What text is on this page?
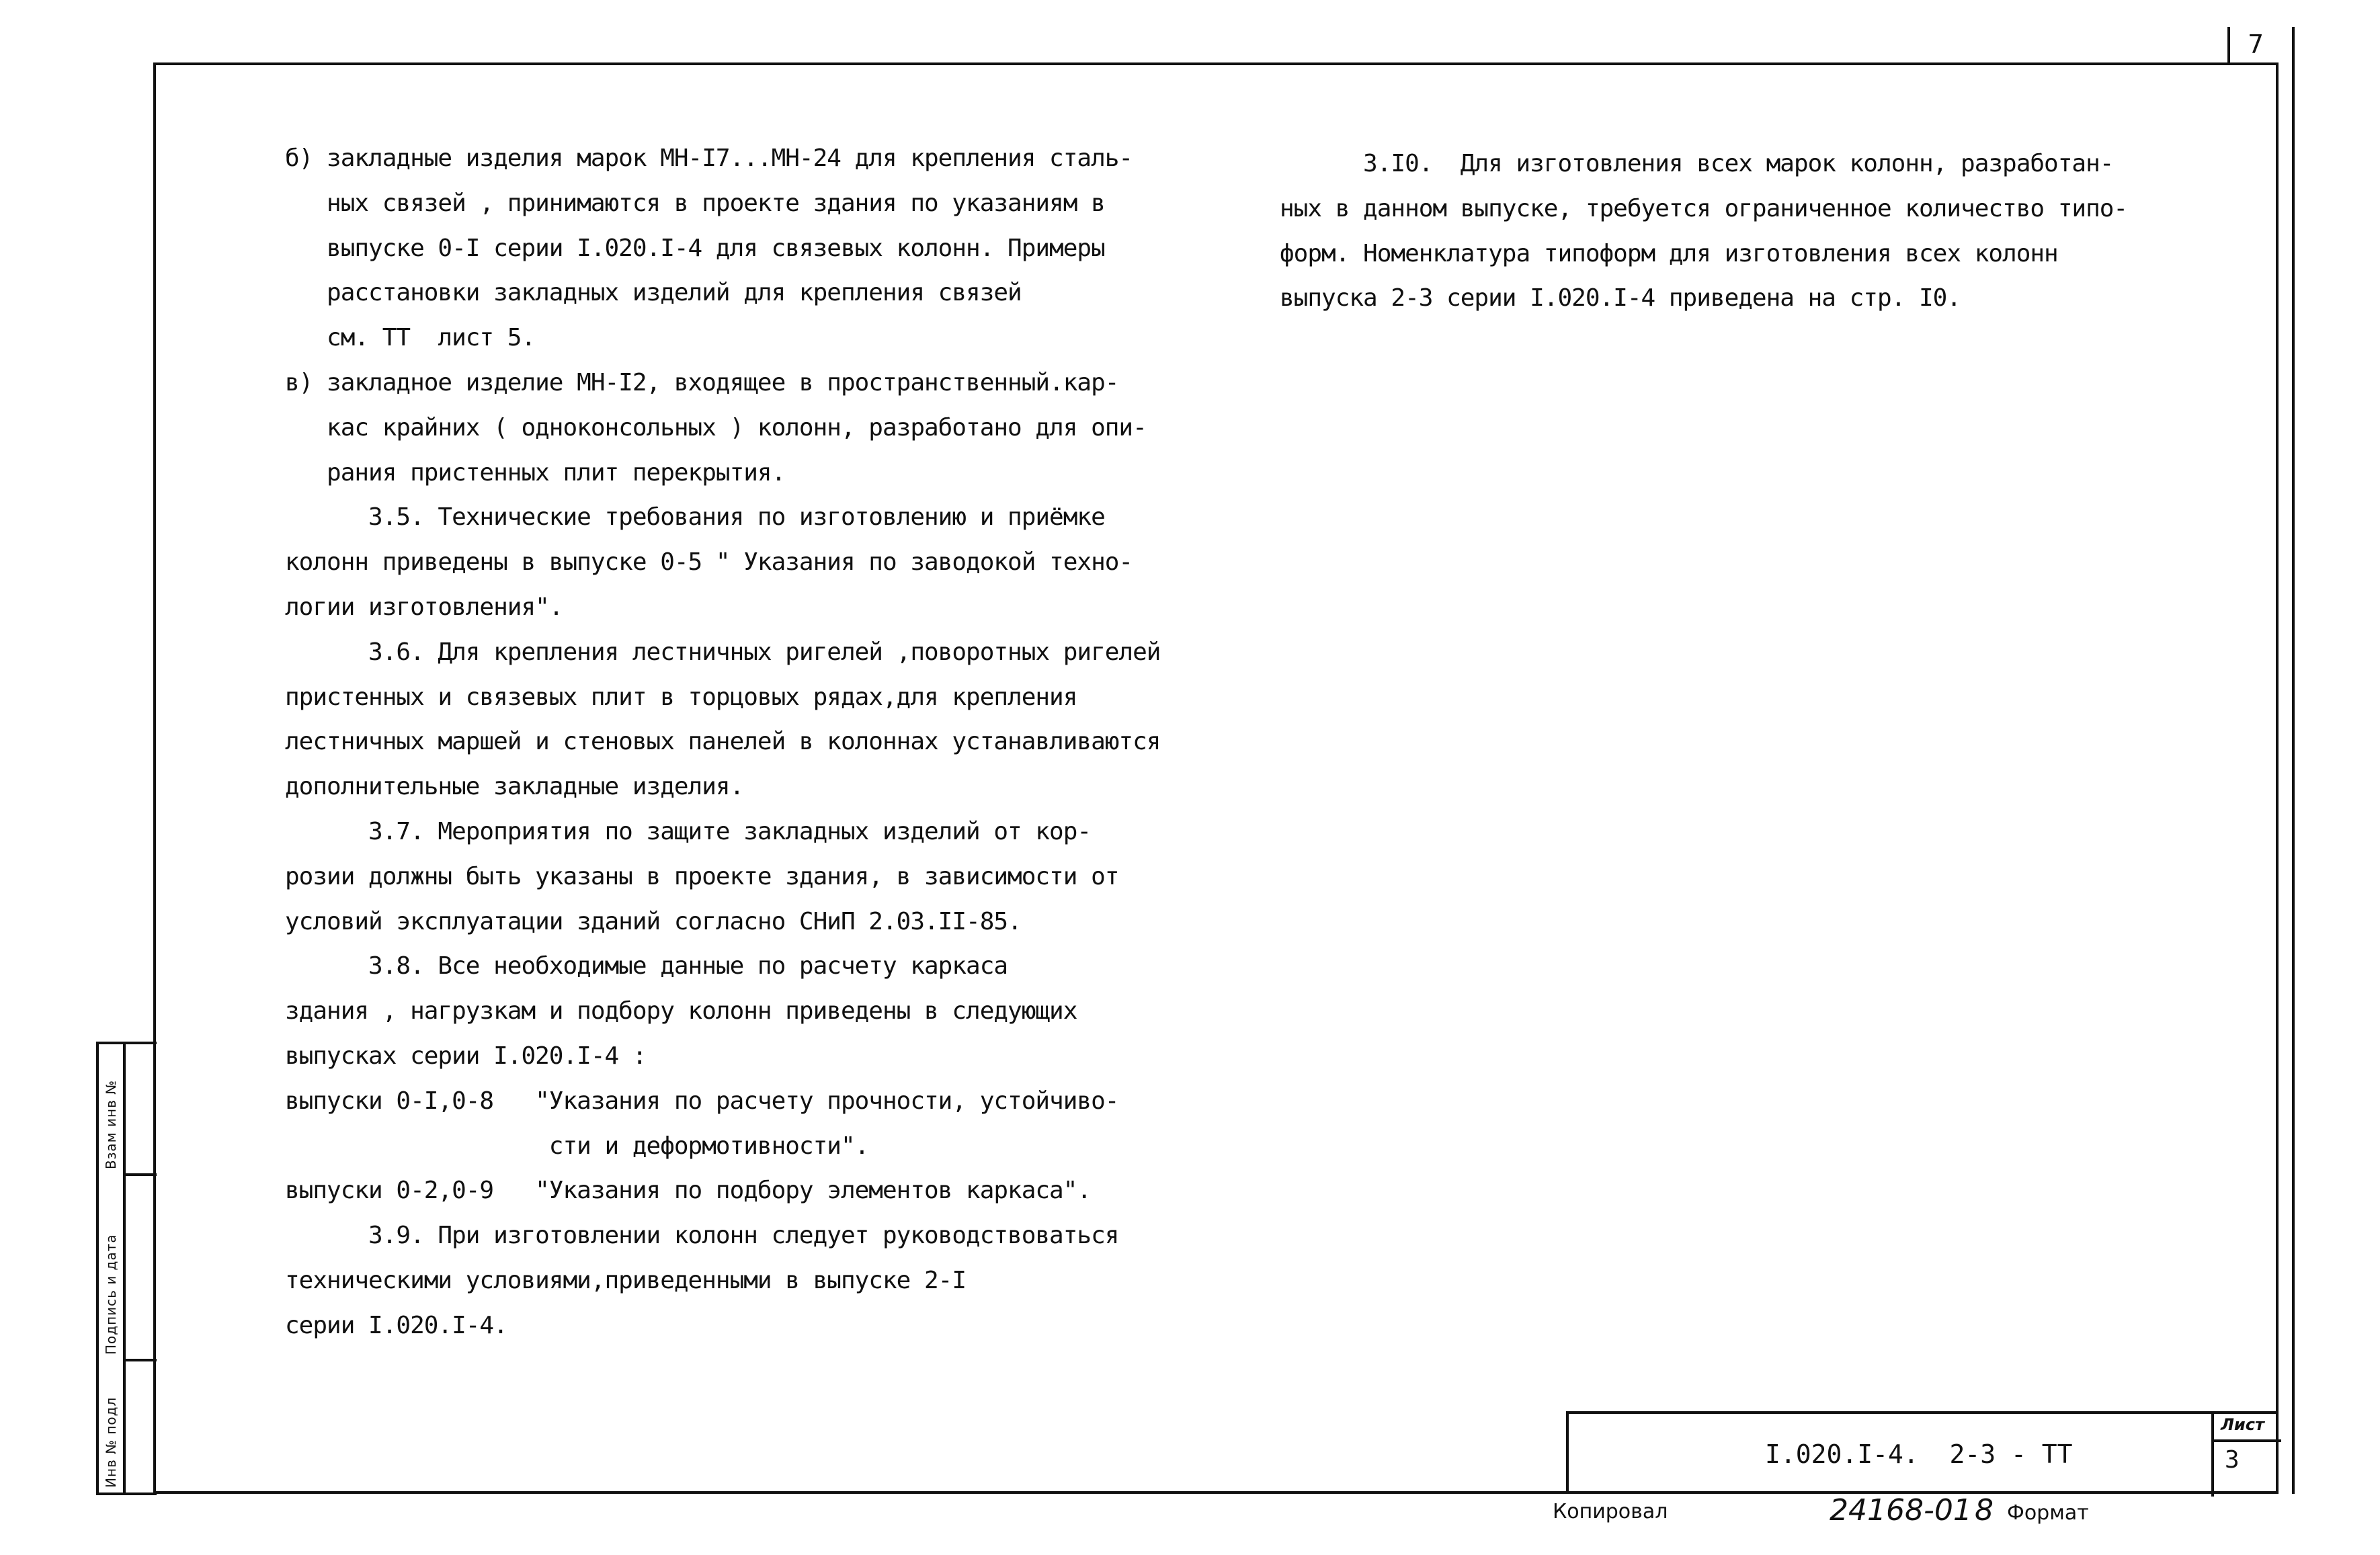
7
б) закладные изделия марок МН-I7...МН-24 для крепления сталь-
ных связей , принимаются в проекте здания по указаниям в
выпуске 0-I серии I.020.I-4 для связевых колонн. Примеры
расстановки закладных изделий для крепления связей
см. ТТ  лист 5.
в) закладное изделие МН-I2, входящее в пространственный.кар-
кас крайних ( одноконсольных ) колонн, разработано для опи-
рания пристенных плит перекрытия.
3.5. Технические требования по изготовлению и приёмке
колонн приведены в выпуске 0-5 " Указания по заводокой техно-
логии изготовления".
3.6. Для крепления лестничных ригелей ,поворотных ригелей
пристенных и связевых плит в торцовых рядах,для крепления
лестничных маршей и стеновых панелей в колоннах устанавливаются
дополнительные закладные изделия.
3.7. Мероприятия по защите закладных изделий от кор-
розии должны быть указаны в проекте здания, в зависимости от
условий эксплуатации зданий согласно СНиП 2.03.II-85.
3.8. Все необходимые данные по расчету каркаса
здания , нагрузкам и подбору колонн приведены в следующих
выпусках серии I.020.I-4 :
выпуски 0-I,0-8   "Указания по расчету прочности, устойчиво-
сти и деформотивности".
выпуски 0-2,0-9   "Указания по подбору элементов каркаса".
3.9. При изготовлении колонн следует руководствоваться
техническими условиями,приведенными в выпуске 2-I
серии I.020.I-4.
3.I0.  Для изготовления всех марок колонн, разработан-
ных в данном выпуске, требуется ограниченное количество типо-
форм. Номенклатура типоформ для изготовления всех колонн
выпуска 2-3 серии I.020.I-4 приведена на стр. I0.
Инв № подл
Подпись и дата
Взам инв №
I.020.I-4.  2-3 - ТТ
Лист
3
Копировал	24168-01 8 Формат
